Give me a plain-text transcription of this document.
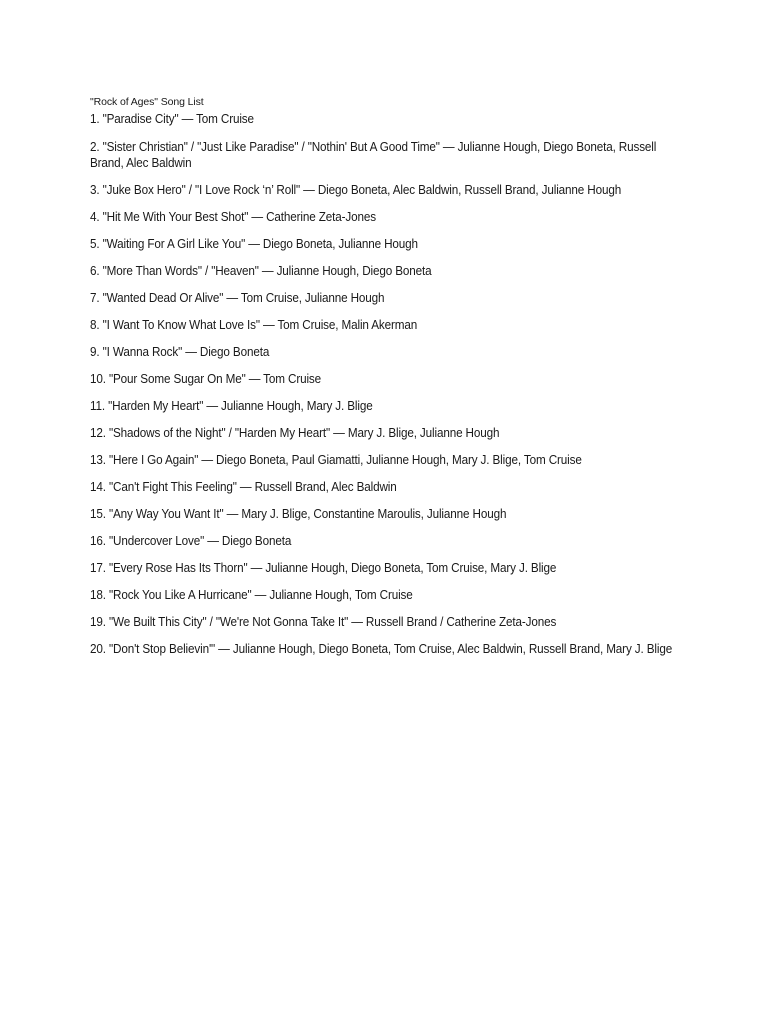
"Rock of Ages" Song List
1. "Paradise City" — Tom Cruise
2. "Sister Christian" / "Just Like Paradise" / "Nothin' But A Good Time" — Julianne Hough, Diego Boneta, Russell Brand, Alec Baldwin
3. "Juke Box Hero" / "I Love Rock ‘n’ Roll" — Diego Boneta, Alec Baldwin, Russell Brand, Julianne Hough
4. "Hit Me With Your Best Shot" — Catherine Zeta-Jones
5. "Waiting For A Girl Like You" — Diego Boneta, Julianne Hough
6. "More Than Words" / "Heaven" — Julianne Hough, Diego Boneta
7. "Wanted Dead Or Alive" — Tom Cruise, Julianne Hough
8. "I Want To Know What Love Is" — Tom Cruise, Malin Akerman
9. "I Wanna Rock" — Diego Boneta
10. "Pour Some Sugar On Me" — Tom Cruise
11. "Harden My Heart" — Julianne Hough, Mary J. Blige
12. "Shadows of the Night" / "Harden My Heart" — Mary J. Blige, Julianne Hough
13. "Here I Go Again" — Diego Boneta, Paul Giamatti, Julianne Hough, Mary J. Blige, Tom Cruise
14. "Can't Fight This Feeling" — Russell Brand, Alec Baldwin
15. "Any Way You Want It" — Mary J. Blige, Constantine Maroulis, Julianne Hough
16. "Undercover Love" — Diego Boneta
17. "Every Rose Has Its Thorn" — Julianne Hough, Diego Boneta, Tom Cruise, Mary J. Blige
18. "Rock You Like A Hurricane" — Julianne Hough, Tom Cruise
19. "We Built This City" / "We're Not Gonna Take It" — Russell Brand / Catherine Zeta-Jones
20. "Don't Stop Believin'" — Julianne Hough, Diego Boneta, Tom Cruise, Alec Baldwin, Russell Brand, Mary J. Blige
